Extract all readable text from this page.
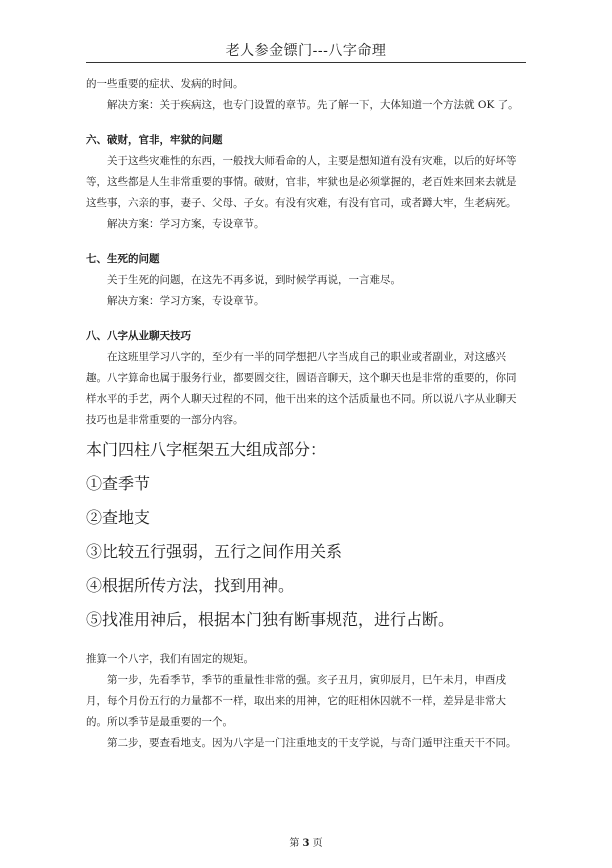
老人参金镖门---八字命理

的一些重要的症状、发病的时间。

解决方案：关于疾病这，也专门设置的章节。先了解一下，大体知道一个方法就 OK 了。

六、破财，官非，牢狱的问题

关于这些灾难性的东西，一般找大师看命的人，主要是想知道有没有灾难，以后的好坏等等，这些都是人生非常重要的事情。破财，官非，牢狱也是必须掌握的，老百姓来回来去就是这些事，六亲的事，妻子、父母、子女。有没有灾难，有没有官司，或者蹲大牢，生老病死。

解决方案：学习方案，专设章节。

七、生死的问题

关于生死的问题，在这先不再多说，到时候学再说，一言难尽。

解决方案：学习方案，专设章节。

八、八字从业聊天技巧

在这班里学习八字的，至少有一半的同学想把八字当成自己的职业或者副业，对这感兴趣。八字算命也属于服务行业，都要圆交往，圆语音聊天，这个聊天也是非常的重要的，你同样水平的手艺，两个人聊天过程的不同，他干出来的这个活质量也不同。所以说八字从业聊天技巧也是非常重要的一部分内容。

本门四柱八字框架五大组成部分：

①查季节

②查地支

③比较五行强弱，五行之间作用关系

④根据所传方法，找到用神。

⑤找准用神后，根据本门独有断事规范，进行占断。

推算一个八字，我们有固定的规矩。

第一步，先看季节，季节的重量性非常的强。亥子丑月，寅卯辰月，巳午未月，申酉戌月，每个月份五行的力量都不一样，取出来的用神，它的旺相休囚就不一样，差异是非常大的。所以季节是最重要的一个。

第二步，要查看地支。因为八字是一门注重地支的干支学说，与奇门遁甲注重天干不同。

第 3 页
